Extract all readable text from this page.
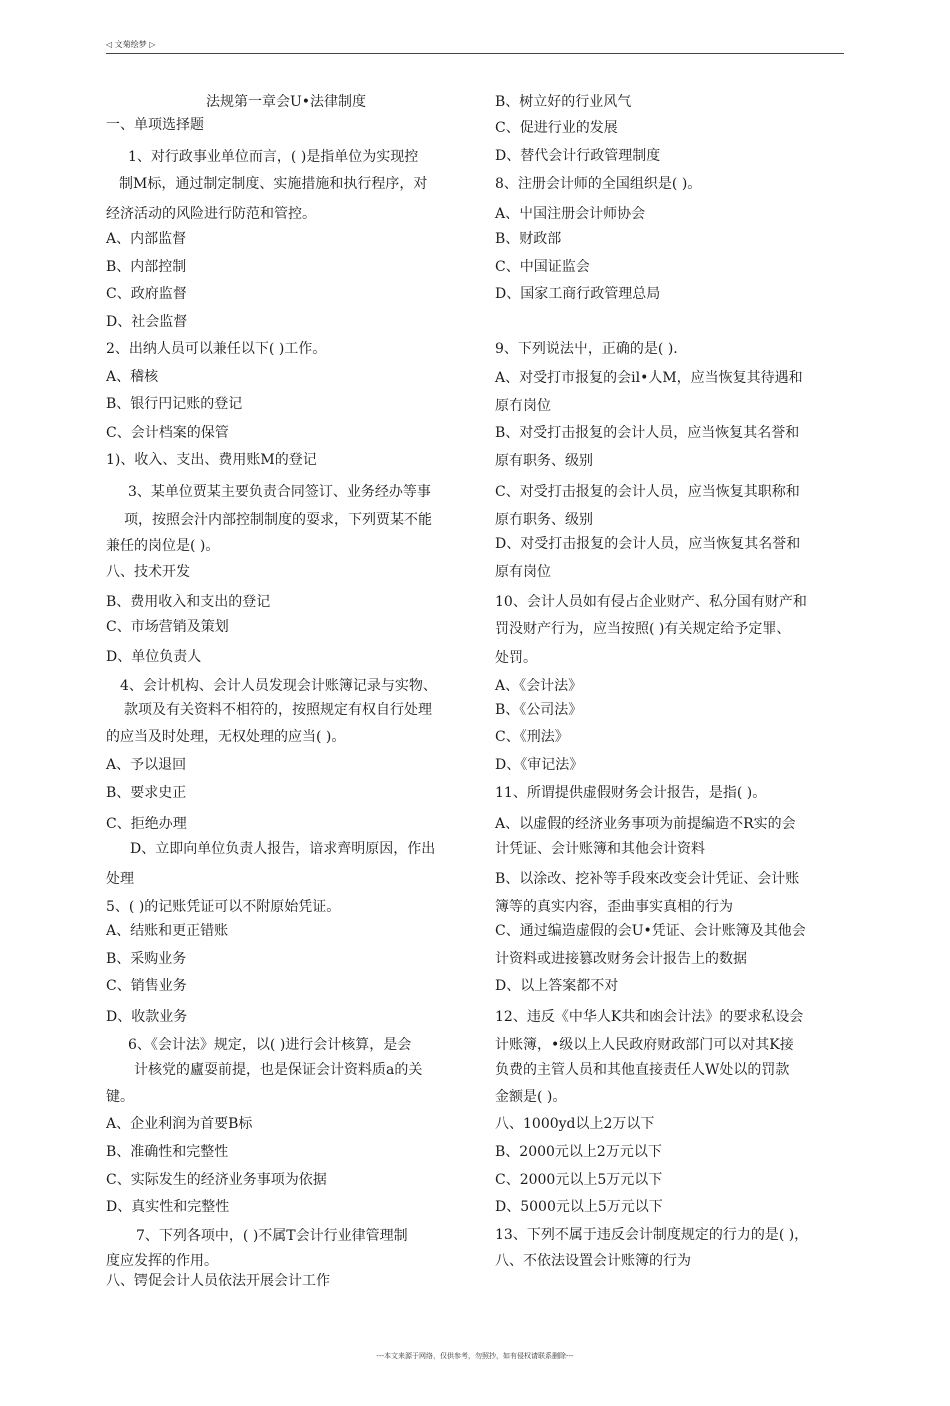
◁ 文菊绘梦 ▷
法规第一章会U•法律制度
一、单项选择题
1、对行政事业单位而言，( )是指单位为实现控
制M标，通过制定制度、实施措施和执行程序，对
经济活动的风险进行防范和管控。
A、内部监督
B、内部控制
C、政府监督
D、社会监督
2、出纳人员可以兼任以下( )工作。
A、稽核
B、银行円记账的登记
C、会计档案的保管
1)、收入、支出、费用账M的登记
3、某单位贾某主要负责合同签订、业务经办等事
项，按照会汁内部控制制度的耍求，下列贾某不能
兼任的岗位是( )。
八、技术开发
B、费用收入和支出的登记
C、市场营销及策划
D、单位负责人
4、会计机构、会计人员发现会计账簿记录与实物、
款项及有关资料不相符的，按照规定有权自行处理
的应当及时处理，无权处理的应当( )。
A、予以退回
B、要求史正
C、拒绝办理
D、立即向单位负责人报告，谙求齊明原因，作出
处理
5、( )的记账凭证可以不附原始凭证。
A、结账和更正错账
B、采购业务
C、销售业务
D、收款业务
6、《会计法》规定，以( )进行会计核算，是会
计核党的廬耍前提，也是保证会计资料质a的关
键。
A、企业利润为首要B标
B、准确性和完整性
C、实际发生的经济业务事项为依据
D、真实性和完整性
7、下列各项中，( )不属T会计行业律管理制
度应发挥的作用。
八、锷促会计人员依法开展会计工作
B、树立好的行业风气
C、促进行业的发展
D、替代会计行政管理制度
8、注册会计师的全国组织是( )。
A、屮国注册会计师协会
B、财政部
C、中国证监会
D、国家工商行政管理总局
9、下列说法屮，正确的是( ).
A、对受打市报复的会il•人M，应当恢复其待遇和
原冇岗位
B、对受打击报复的会计人员，应当恢复其名誉和
原有职务、级别
C、对受打击报复的会计人员，应当恢复其职称和
原冇职务、级别
D、对受打击报复的会计人员，应当恢复其名誉和
原有岗位
10、会计人员如有侵占企业财产、私分国有财产和
罚没财产行为，应当按照( )有关规定给予定罪、
处罚。
A、《会计法》
B、《公司法》
C、《刑法》
D、《审记法》
11、所谓提供虚假财务会计报告，是指( )。
A、以虚假的经济业务事项为前提编造不R实的会
计凭证、会计账簿和其他会计资料
B、以涂改、挖补等手段來改变会计凭证、会计账
簿等的真实内容，歪曲事实真相的行为
C、通过编造虚假的会U•凭证、会计账簿及其他会
计资料或进接篡改财务会计报告上的数据
D、以上答案都不对
12、违反《中华人K共和凼会计法》的要求私设会
计账簿，•级以上人民政府财政部门可以对其K接
负费的主管人员和其他直接责任人W处以的罚款
金额是( )。
八、1000yd以上2万以下
B、2000元以上2万元以下
C、2000元以上5万元以下
D、5000元以上5万元以下
13、下列不属于违反会计制度规定的行力的是( )，
八、不依法设置会计账簿的行为
---本文来源于网络，仅供参考，勿照抄，如有侵权请联系删除---
